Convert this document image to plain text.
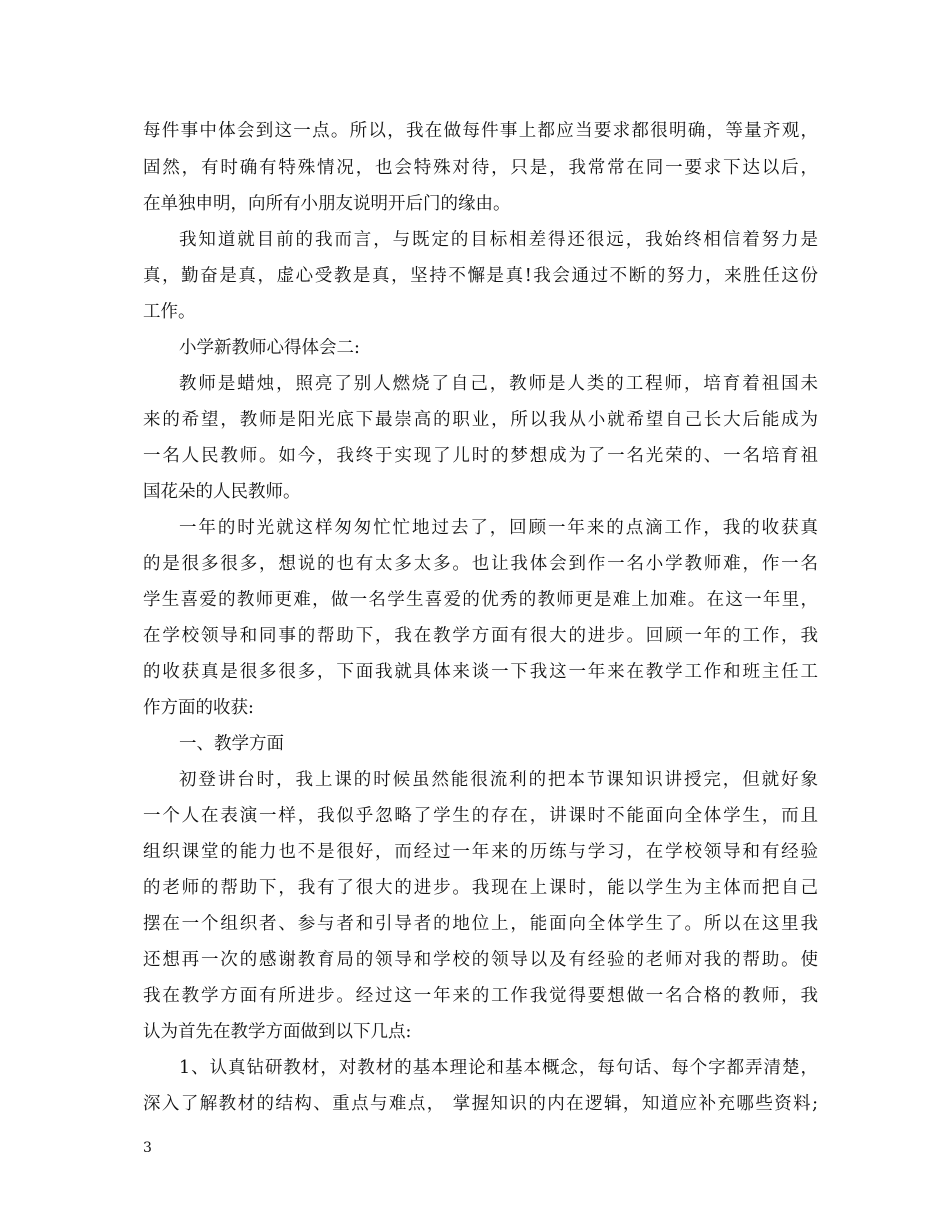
每件事中体会到这一点。所以，我在做每件事上都应当要求都很明确，等量齐观，
固然，有时确有特殊情况，也会特殊对待，只是，我常常在同一要求下达以后，
在单独申明，向所有小朋友说明开后门的缘由。
我知道就目前的我而言，与既定的目标相差得还很远，我始终相信着努力是
真，勤奋是真，虚心受教是真，坚持不懈是真!我会通过不断的努力，来胜任这份
工作。
小学新教师心得体会二:
教师是蜡烛，照亮了别人燃烧了自己，教师是人类的工程师，培育着祖国未
来的希望，教师是阳光底下最崇高的职业，所以我从小就希望自己长大后能成为
一名人民教师。如今，我终于实现了儿时的梦想成为了一名光荣的、一名培育祖
国花朵的人民教师。
一年的时光就这样匆匆忙忙地过去了，回顾一年来的点滴工作，我的收获真
的是很多很多，想说的也有太多太多。也让我体会到作一名小学教师难，作一名
学生喜爱的教师更难，做一名学生喜爱的优秀的教师更是难上加难。在这一年里，
在学校领导和同事的帮助下，我在教学方面有很大的进步。回顾一年的工作，我
的收获真是很多很多，下面我就具体来谈一下我这一年来在教学工作和班主任工
作方面的收获:
一、教学方面
初登讲台时，我上课的时候虽然能很流利的把本节课知识讲授完，但就好象
一个人在表演一样，我似乎忽略了学生的存在，讲课时不能面向全体学生，而且
组织课堂的能力也不是很好，而经过一年来的历练与学习，在学校领导和有经验
的老师的帮助下，我有了很大的进步。我现在上课时，能以学生为主体而把自己
摆在一个组织者、参与者和引导者的地位上，能面向全体学生了。所以在这里我
还想再一次的感谢教育局的领导和学校的领导以及有经验的老师对我的帮助。使
我在教学方面有所进步。经过这一年来的工作我觉得要想做一名合格的教师，我
认为首先在教学方面做到以下几点:
1、认真钻研教材，对教材的基本理论和基本概念，每句话、每个字都弄清楚，
深入了解教材的结构、重点与难点， 掌握知识的内在逻辑，知道应补充哪些资料;
3
